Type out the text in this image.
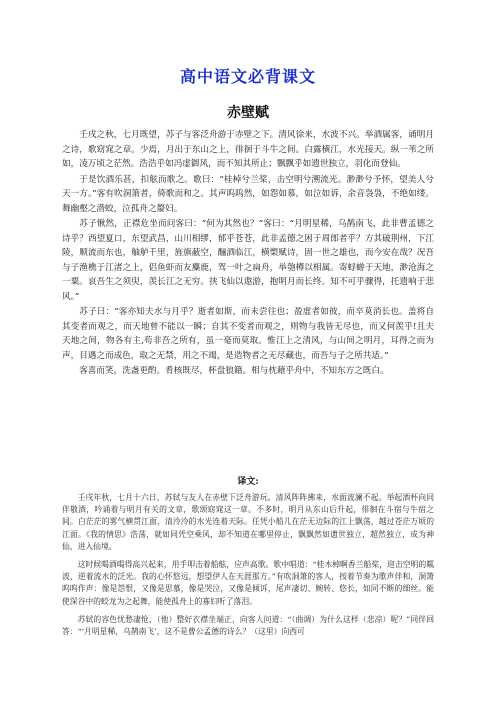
高中语文必背课文
赤壁赋

壬戌之秋，七月既望，苏子与客泛舟游于赤壁之下。清风徐来，水波不兴。举酒属客，诵明月之诗，歌窈窕之章。少焉，月出于东山之上，徘徊于斗牛之间。白露横江，水光接天。纵一苇之所如，凌万顷之茫然。浩浩乎如冯虚御风，而不知其所止；飘飘乎如遗世独立，羽化而登仙。

于是饮酒乐甚，扣舷而歌之。歌曰：“桂棹兮兰桨，击空明兮溯流光。渺渺兮予怀，望美人兮天一方。”客有吹洞箫者，倚歌而和之。其声呜呜然，如怨如慕，如泣如诉，余音袅袅，不绝如缕。舞幽壑之潜蛟，泣孤舟之嫠妇。

苏子愀然，正襟危坐而问客曰：“何为其然也？”客曰：“月明星稀，乌鹊南飞，此非曹孟德之诗乎？西望夏口，东望武昌，山川相缪，郁乎苍苍，此非孟德之困于周郎者乎？方其破荆州，下江陵，顺流而东也，舳舻千里，旌旗蔽空，酾酒临江，横槊赋诗，固一世之雄也，而今安在哉？况吾与子渔樵于江渚之上，侣鱼虾而友麋鹿，驾一叶之扁舟，举匏樽以相属。寄蜉蝣于天地，渺沧海之一粟。哀吾生之须臾，羡长江之无穷。挟飞仙以遨游，抱明月而长终。知不可乎骤得，托遗响于悲风。”

苏子曰：“客亦知夫水与月乎？逝者如斯，而未尝往也；盈虚者如彼，而卒莫消长也。盖将自其变者而观之，而天地曾不能以一瞬；自其不变者而观之，则物与我皆无尽也，而又何羡乎!且夫天地之间，物各有主,苟非吾之所有，虽一毫而莫取。惟江上之清风，与山间之明月，耳得之而为声，目遇之而成色，取之无禁，用之不竭，是造物者之无尽藏也，而吾与子之所共适。”

客喜而笑，洗盏更酌。肴核既尽，杯盘狼籍。相与枕藉乎舟中，不知东方之既白。

译文:

壬戌年秋，七月十六日，苏轼与友人在赤壁下泛舟游玩。清风阵阵拂来，水面波澜不起。举起酒杯向同伴敬酒，吟诵着与明月有关的文章，歌颂窈窕这一章。不多时，明月从东山后升起，徘徊在斗宿与牛宿之间。白茫茫的雾气横贯江面，清泠泠的水光连着天际。任凭小船儿在茫无边际的江上飘荡，越过苍茫万顷的江面。《我的情思》浩荡，就如同凭空乘风，却不知道在哪里停止，飘飘然如遗世独立，超然独立，成为神仙，进入仙境。

这时候喝酒喝得高兴起来，用手叩击着船舷，应声高歌。歌中唱道：“桂木棹啊香兰船桨，迎击空明的粼波，逆着流水的泛光。我的心怀悠远，想望伊人在天涯那方。”有吹洞箫的客人，按着节奏为歌声伴和，洞箫呜呜作声：像是怨恨，又像是思慕，像是哭泣，又像是倾诉，尾声凄切、婉转、悠长，如同不断的细丝。能使深谷中的蛟龙为之起舞，能使孤舟上的寡妇听了落泪。

苏轼的容色忧愁凄怆，（他）整好衣襟坐端正，向客人问道：“（曲调）为什么这样（悲凉）呢？”同伴回答：“‘月明星稀，乌鹊南飞’，这不是曹公孟德的诗么？（这里）向西可
